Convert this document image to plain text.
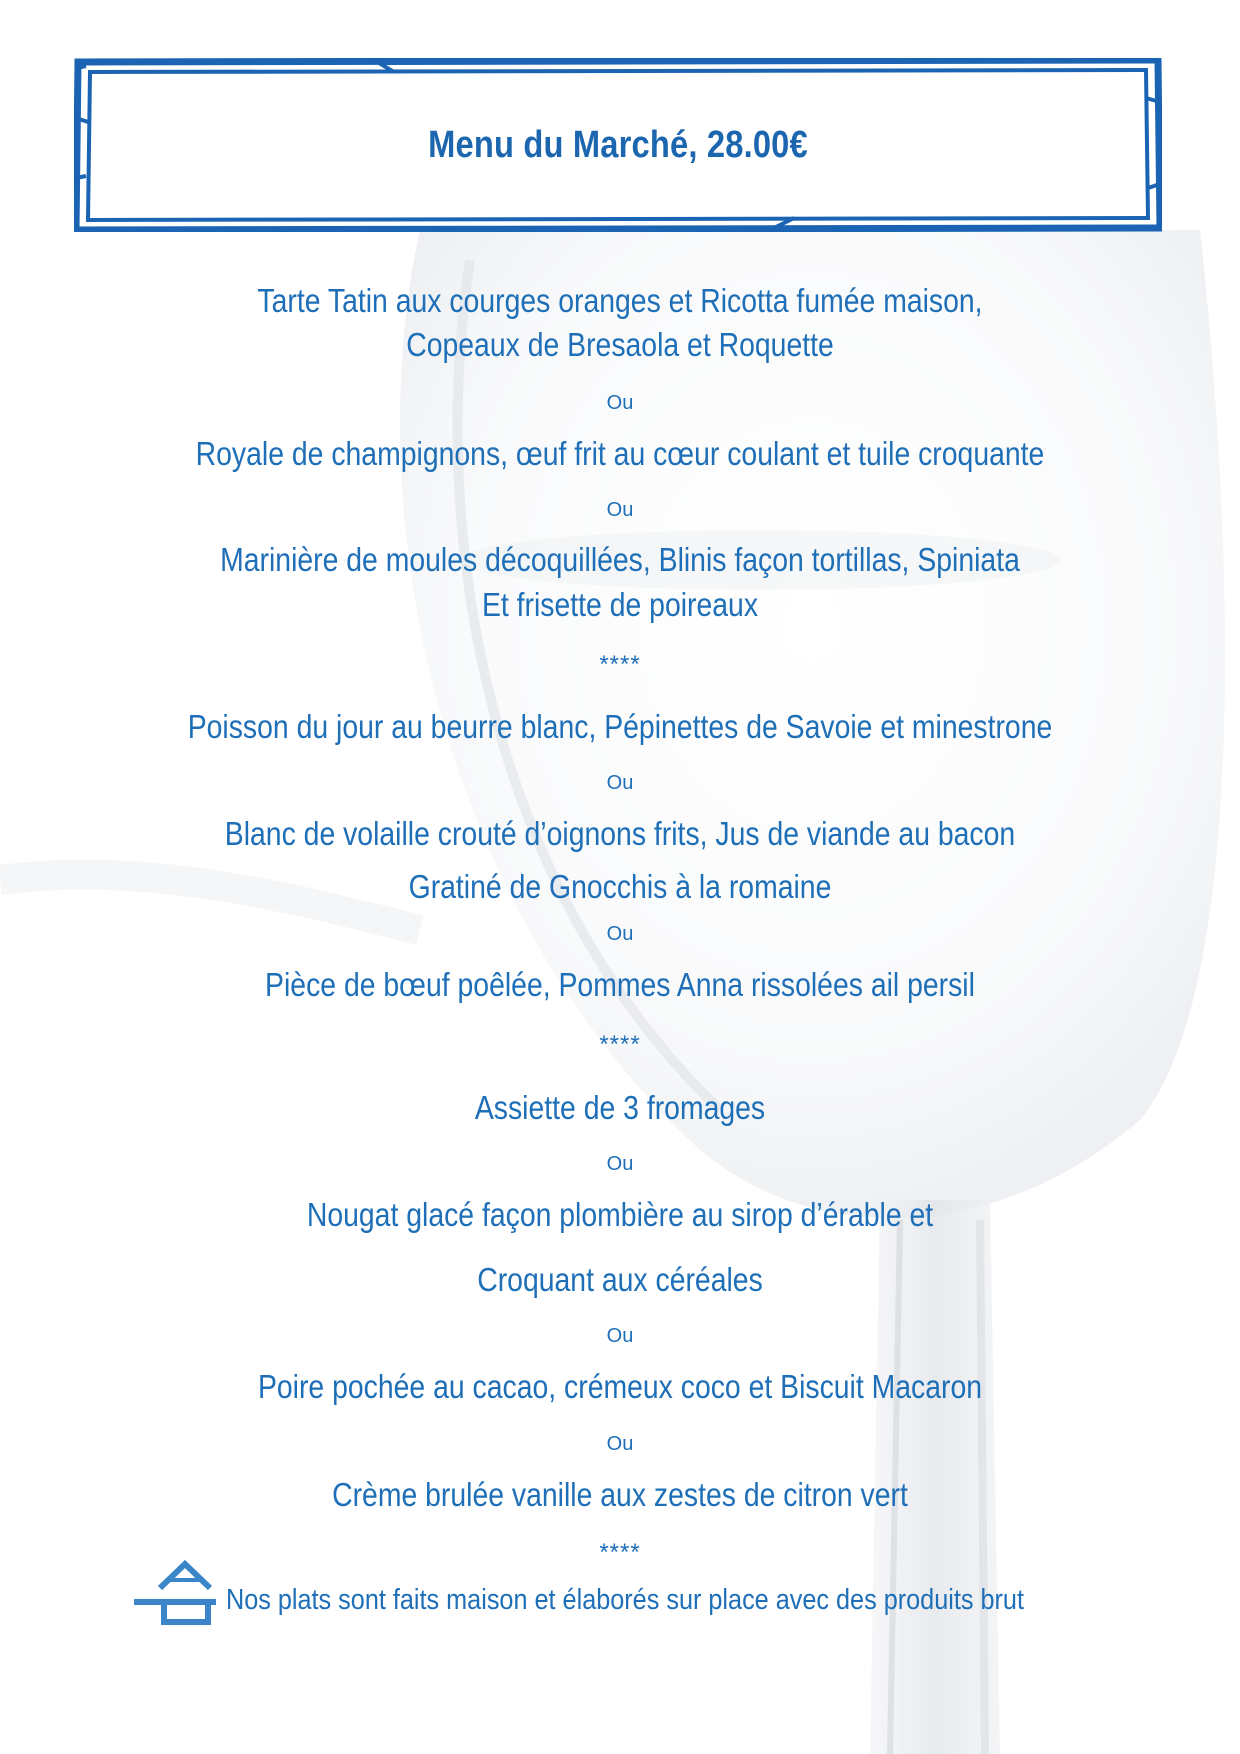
Menu du Marché, 28.00€
Tarte Tatin aux courges oranges et Ricotta fumée maison,
Copeaux de Bresaola et Roquette
Ou
Royale de champignons, œuf frit au cœur coulant et tuile croquante
Ou
Marinière de moules décoquillées, Blinis façon tortillas, Spiniata
Et frisette de poireaux
****
Poisson du jour au beurre blanc, Pépinettes de Savoie et minestrone
Ou
Blanc de volaille crouté d’oignons frits, Jus de viande au bacon
Gratiné de Gnocchis à la romaine
Ou
Pièce de bœuf poêlée, Pommes Anna rissolées ail persil
****
Assiette de 3 fromages
Ou
Nougat glacé façon plombière au sirop d’érable et
Croquant aux céréales
Ou
Poire pochée au cacao, crémeux coco et Biscuit Macaron
Ou
Crème brulée vanille aux zestes de citron vert
****
Nos plats sont faits maison et élaborés sur place avec des produits brut
